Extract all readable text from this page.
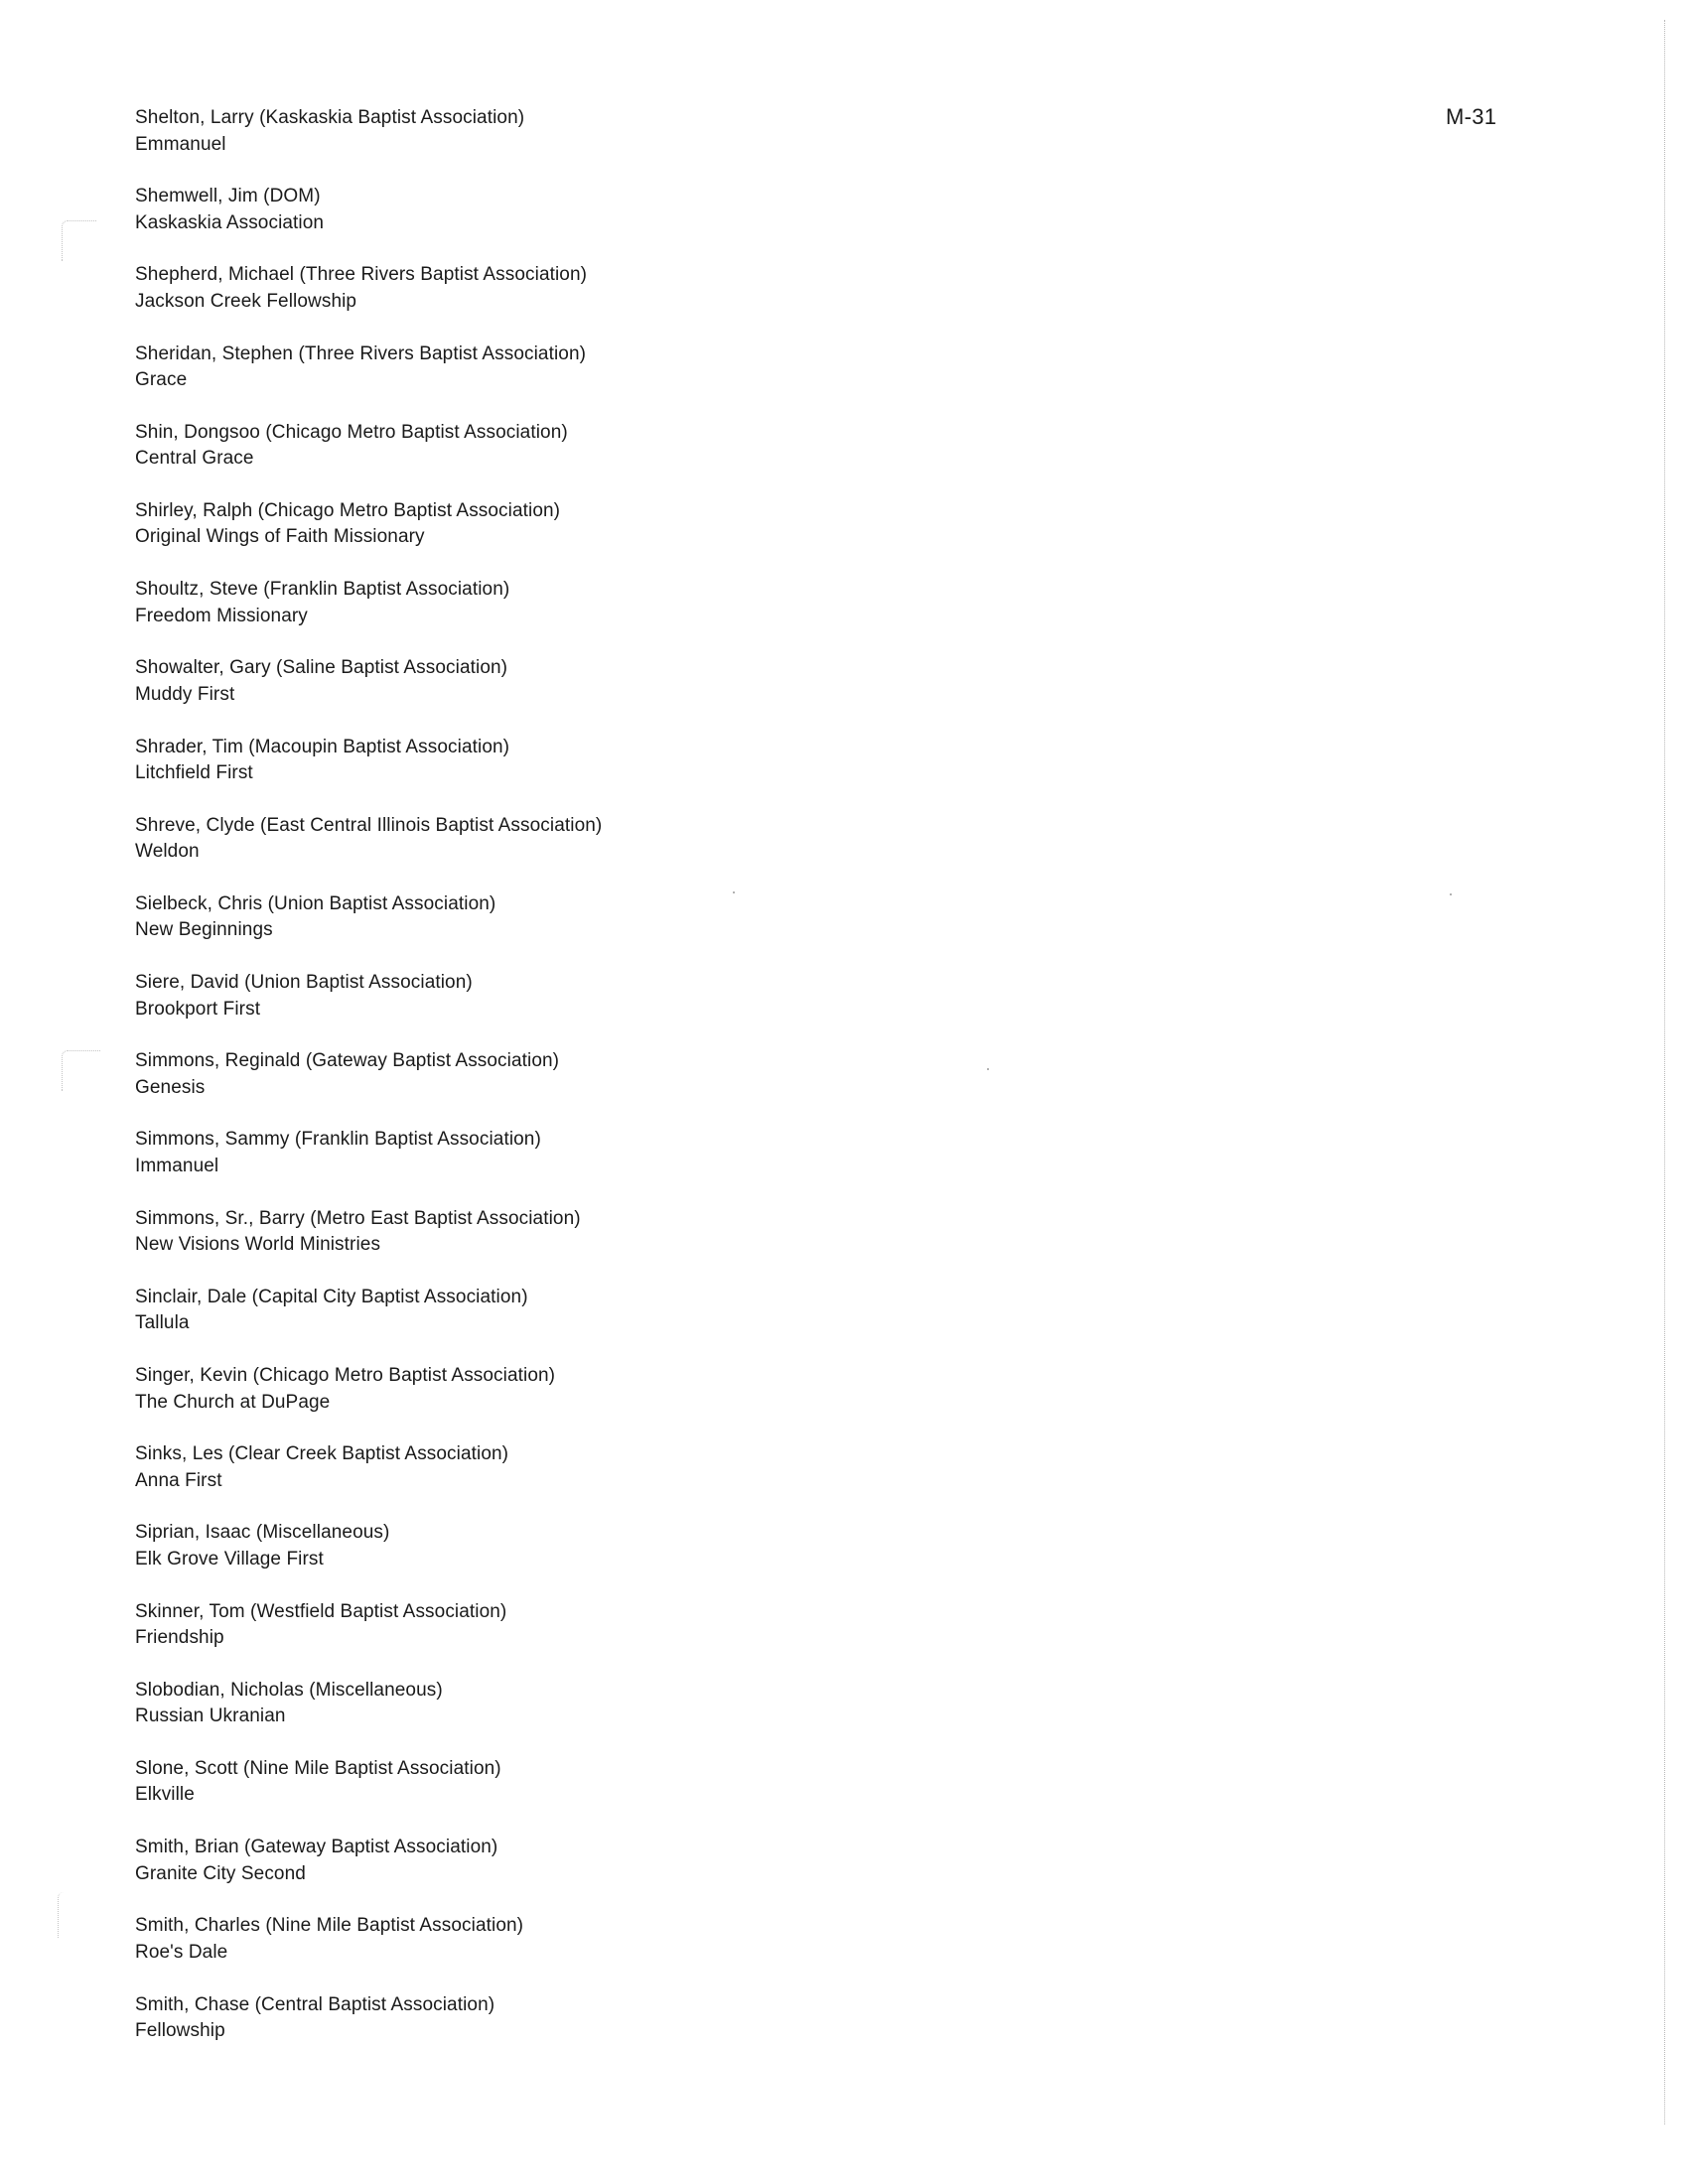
M-31
Shelton, Larry (Kaskaskia Baptist Association)
Emmanuel
Shemwell, Jim (DOM)
Kaskaskia Association
Shepherd, Michael (Three Rivers Baptist Association)
Jackson Creek Fellowship
Sheridan, Stephen (Three Rivers Baptist Association)
Grace
Shin, Dongsoo (Chicago Metro Baptist Association)
Central Grace
Shirley, Ralph (Chicago Metro Baptist Association)
Original Wings of Faith Missionary
Shoultz, Steve (Franklin Baptist Association)
Freedom Missionary
Showalter, Gary (Saline Baptist Association)
Muddy First
Shrader, Tim (Macoupin Baptist Association)
Litchfield First
Shreve, Clyde (East Central Illinois Baptist Association)
Weldon
Sielbeck, Chris (Union Baptist Association)
New Beginnings
Siere, David (Union Baptist Association)
Brookport First
Simmons, Reginald (Gateway Baptist Association)
Genesis
Simmons, Sammy (Franklin Baptist Association)
Immanuel
Simmons, Sr., Barry (Metro East Baptist Association)
New Visions World Ministries
Sinclair, Dale (Capital City Baptist Association)
Tallula
Singer, Kevin (Chicago Metro Baptist Association)
The Church at DuPage
Sinks, Les (Clear Creek Baptist Association)
Anna First
Siprian, Isaac (Miscellaneous)
Elk Grove Village First
Skinner, Tom (Westfield Baptist Association)
Friendship
Slobodian, Nicholas (Miscellaneous)
Russian Ukranian
Slone, Scott (Nine Mile Baptist Association)
Elkville
Smith, Brian (Gateway Baptist Association)
Granite City Second
Smith, Charles (Nine Mile Baptist Association)
Roe's Dale
Smith, Chase (Central Baptist Association)
Fellowship
